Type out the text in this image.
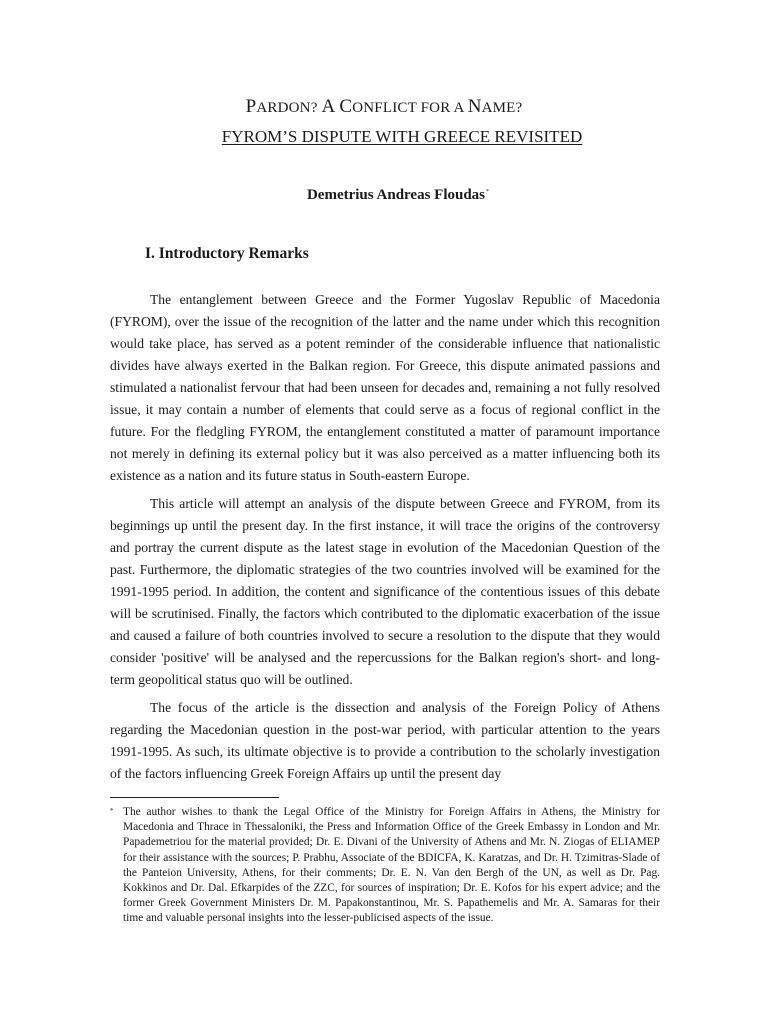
PARDON? A CONFLICT FOR A NAME?
FYROM’S DISPUTE WITH GREECE REVISITED
Demetrius Andreas Floudas*
I. Introductory Remarks

The entanglement between Greece and the Former Yugoslav Republic of Macedonia (FYROM), over the issue of the recognition of the latter and the name under which this recognition would take place, has served as a potent reminder of the considerable influence that nationalistic divides have always exerted in the Balkan region. For Greece, this dispute animated passions and stimulated a nationalist fervour that had been unseen for decades and, remaining a not fully resolved issue, it may contain a number of elements that could serve as a focus of regional conflict in the future. For the fledgling FYROM, the entanglement constituted a matter of paramount importance not merely in defining its external policy but it was also perceived as a matter influencing both its existence as a nation and its future status in South-eastern Europe.

This article will attempt an analysis of the dispute between Greece and FYROM, from its beginnings up until the present day. In the first instance, it will trace the origins of the controversy and portray the current dispute as the latest stage in evolution of the Macedonian Question of the past. Furthermore, the diplomatic strategies of the two countries involved will be examined for the 1991-1995 period. In addition, the content and significance of the contentious issues of this debate will be scrutinised. Finally, the factors which contributed to the diplomatic exacerbation of the issue and caused a failure of both countries involved to secure a resolution to the dispute that they would consider 'positive' will be analysed and the repercussions for the Balkan region's short- and long-term geopolitical status quo will be outlined.

The focus of the article is the dissection and analysis of the Foreign Policy of Athens regarding the Macedonian question in the post-war period, with particular attention to the years 1991-1995. As such, its ultimate objective is to provide a contribution to the scholarly investigation of the factors influencing Greek Foreign Affairs up until the present day

* The author wishes to thank the Legal Office of the Ministry for Foreign Affairs in Athens, the Ministry for Macedonia and Thrace in Thessaloniki, the Press and Information Office of the Greek Embassy in London and Mr. Papademetriou for the material provided; Dr. E. Divani of the University of Athens and Mr. N. Ziogas of ELIAMEP for their assistance with the sources; P. Prabhu, Associate of the BDICFA, K. Karatzas, and Dr. H. Tzimitras-Slade of the Panteion University, Athens, for their comments; Dr. E. N. Van den Bergh of the UN, as well as Dr. Pag. Kokkinos and Dr. Dal. Efkarpides of the ZZC, for sources of inspiration; Dr. E. Kofos for his expert advice; and the former Greek Government Ministers Dr. M. Papakonstantinou, Mr. S. Papathemelis and Mr. A. Samaras for their time and valuable personal insights into the lesser-publicised aspects of the issue.
